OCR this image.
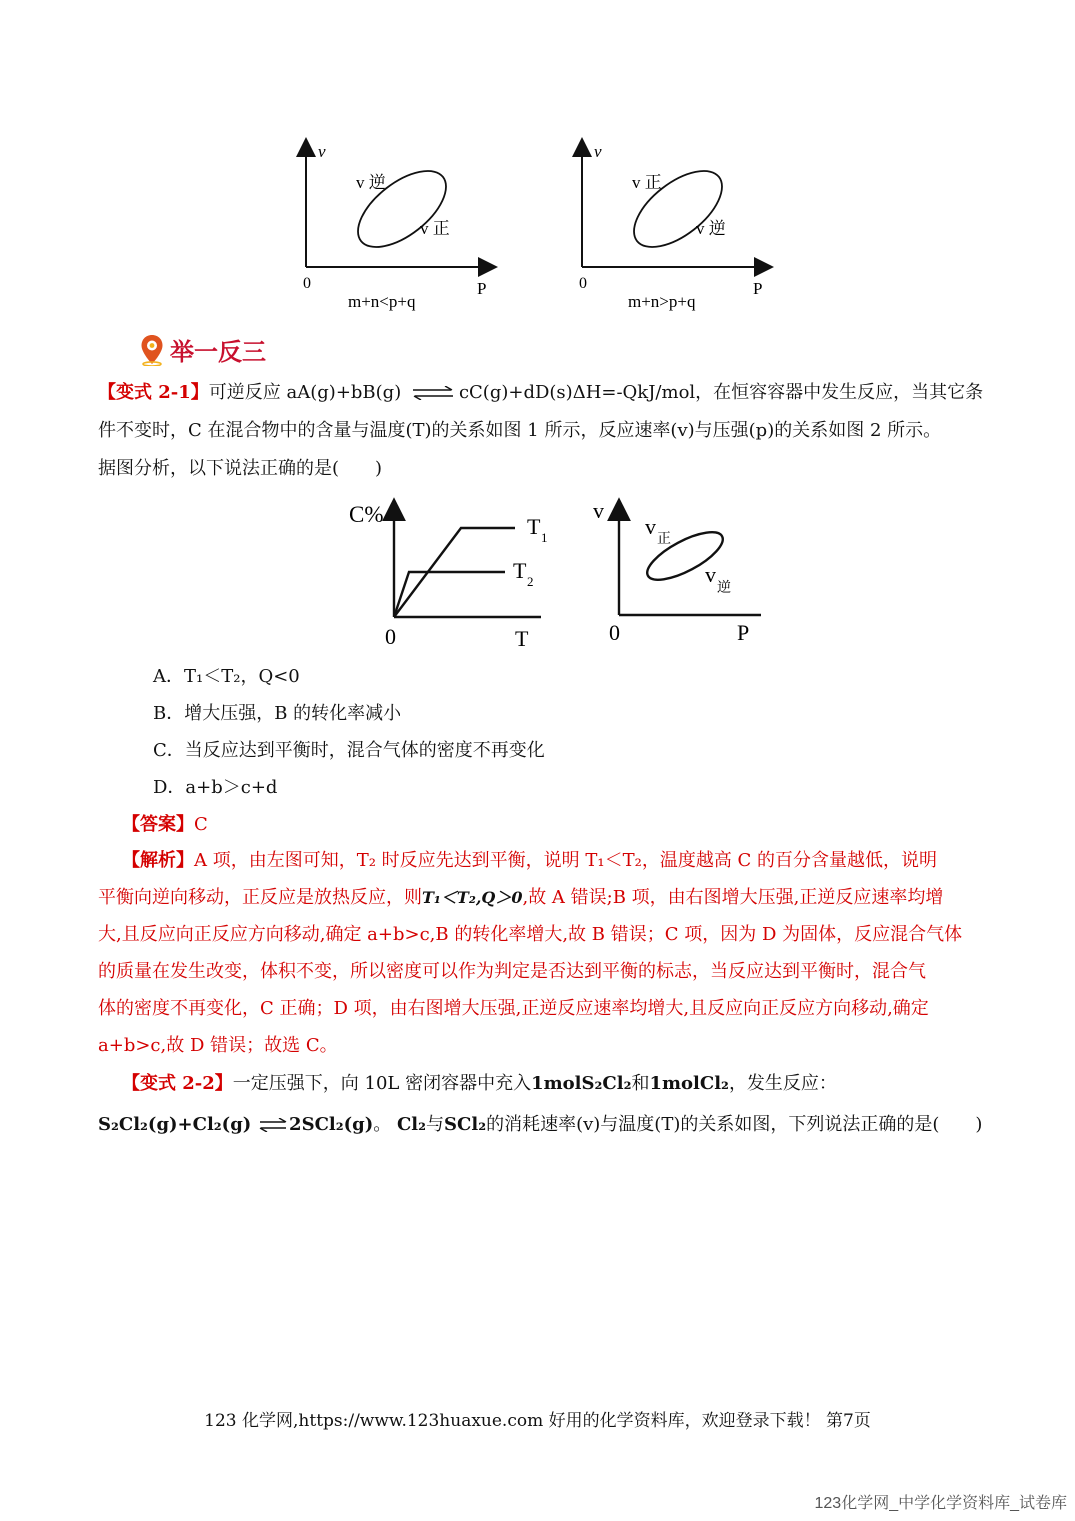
v
0	P
v 逆
v 正
m+n<p+q
v
0	P
v 正
v 逆
m+n>p+q
举一反三
【变式 2-1】可逆反应 aA(g)+bB(g) ⇌ cC(g)+dD(s)ΔH=-QkJ/mol，在恒容容器中发生反应，当其它条
件不变时，C 在混合物中的含量与温度(T)的关系如图 1 所示，反应速率(v)与压强(p)的关系如图 2 所示。
据图分析，以下说法正确的是(　　)
C%
0	T
T 1
T 2
v
0	P
v
正
v
逆
A．T₁＜T₂，Q<0
B．增大压强，B 的转化率减小
C．当反应达到平衡时，混合气体的密度不再变化
D．a+b＞c+d
【答案】C
【解析】A 项，由左图可知，T₂ 时反应先达到平衡，说明 T₁＜T₂，温度越高 C 的百分含量越低，说明
平衡向逆向移动，正反应是放热反应，则T₁＜T₂,Q＞0,故 A 错误;B 项，由右图增大压强,正逆反应速率均增
大,且反应向正反应方向移动,确定 a+b>c,B 的转化率增大,故 B 错误；C 项，因为 D 为固体，反应混合气体
的质量在发生改变，体积不变，所以密度可以作为判定是否达到平衡的标志，当反应达到平衡时，混合气
体的密度不再变化，C 正确；D 项，由右图增大压强,正逆反应速率均增大,且反应向正反应方向移动,确定
a+b>c,故 D 错误；故选 C。
【变式 2-2】一定压强下，向 10L 密闭容器中充入1molS₂Cl₂和1molCl₂，发生反应：
S₂Cl₂(g)+Cl₂(g) ⇌ 2SCl₂(g)。 Cl₂与SCl₂的消耗速率(v)与温度(T)的关系如图，下列说法正确的是(　　)
123 化学网,https://www.123huaxue.com 好用的化学资料库，欢迎登录下载！ 第7页
123化学网_中学化学资料库_试卷库
